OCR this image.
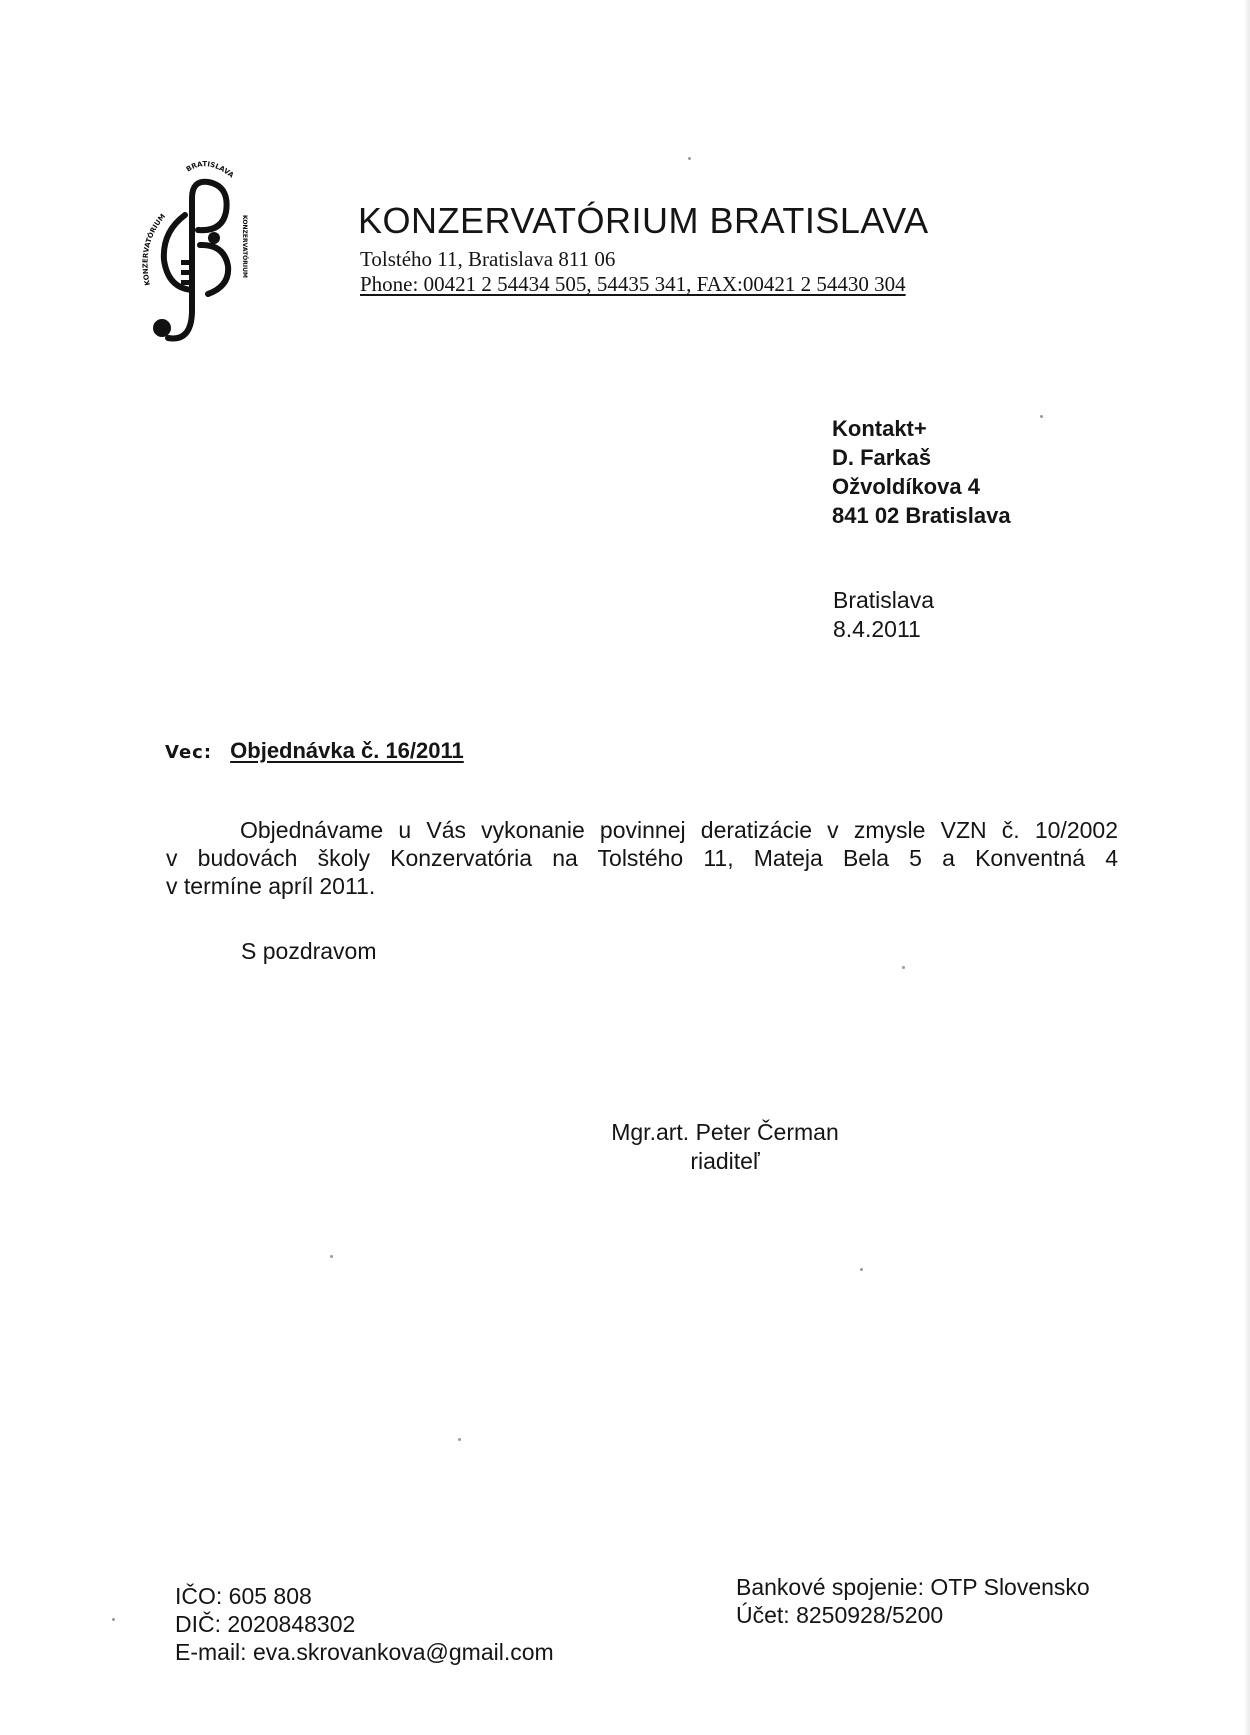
BRATISLAVA
KONZERVATÓRIUM	KONZERVATÓRIUM
KONZERVATÓRIUM BRATISLAVA
Tolstého 11, Bratislava 811 06
Phone: 00421 2 54434 505, 54435 341, FAX:00421 2 54430 304
Kontakt+
D. Farkaš
Ožvoldíkova 4
841 02 Bratislava
Bratislava
8.4.2011
Vec: Objednávka č. 16/2011
Objednávame u Vás vykonanie povinnej deratizácie v zmysle VZN č. 10/2002
v budovách školy Konzervatória na Tolstého 11, Mateja Bela 5 a Konventná 4
v termíne apríl 2011.
S pozdravom
Mgr.art. Peter Čerman
riaditeľ
IČO: 605 808
DIČ: 2020848302
E-mail: eva.skrovankova@gmail.com
Bankové spojenie: OTP Slovensko
Účet: 8250928/5200
